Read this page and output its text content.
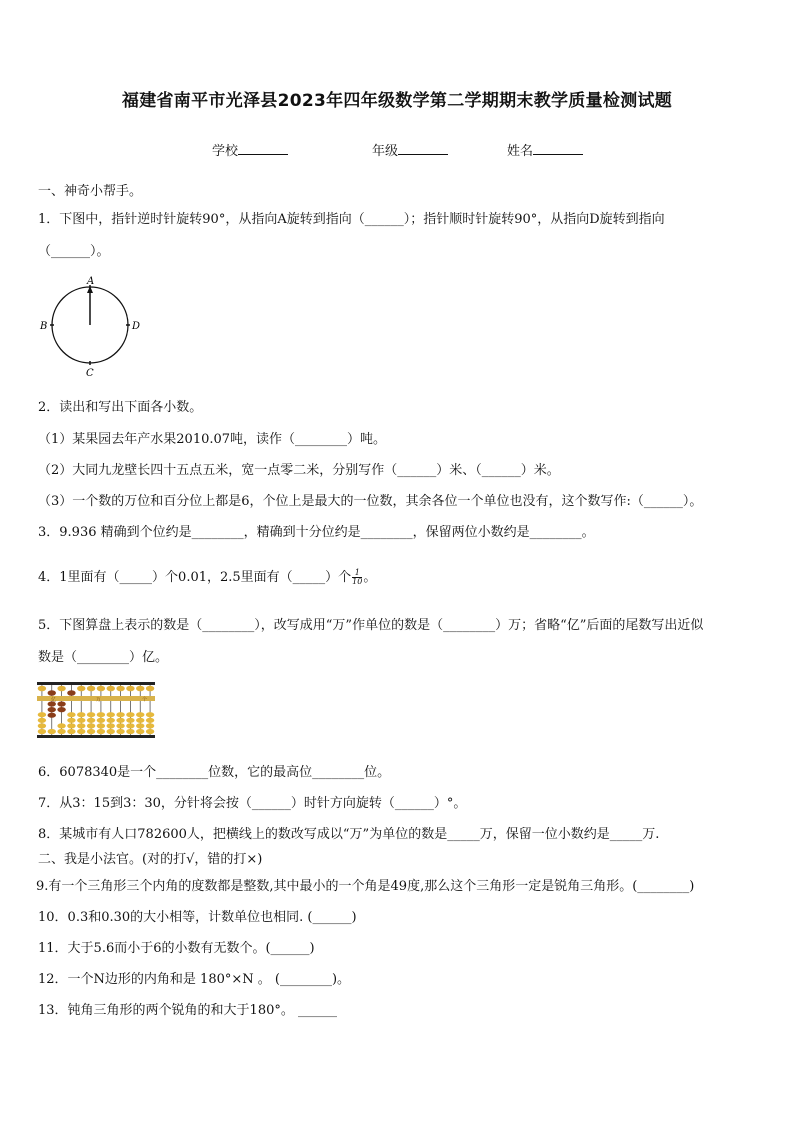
福建省南平市光泽县2023年四年级数学第二学期期末教学质量检测试题
学校	年级	姓名
一、神奇小帮手。
1．下图中，指针逆时针旋转90°，从指向A旋转到指向（______）；指针顺时针旋转90°，从指向D旋转到指向
（______）。
A
B
C
D
2．读出和写出下面各小数。
（1）某果园去年产水果2010.07吨，读作（________）吨。
（2）大同九龙壁长四十五点五米，宽一点零二米，分别写作（______）米、（______）米。
（3）一个数的万位和百分位上都是6，个位上是最大的一位数，其余各位一个单位也没有，这个数写作:（______）。
3．9.936 精确到个位约是________，精确到十分位约是________，保留两位小数约是________。
4．1里面有（_____）个0.01，2.5里面有（_____）个 $\frac{1}{10}$ 。
5．下图算盘上表示的数是（________），改写成用“万”作单位的数是（________）万；省略“亿”后面的尾数写出近似
数是（________）亿。
亿	万	个
6．6078340是一个________位数，它的最高位________位。
7．从3：15到3：30，分针将会按（______）时针方向旋转（______）°。
8．某城市有人口782600人，把横线上的数改写成以“万”为单位的数是_____万，保留一位小数约是_____万.
二、我是小法官。(对的打√，错的打×)
9.有一个三角形三个内角的度数都是整数,其中最小的一个角是49度,那么这个三角形一定是锐角三角形。(________)
10．0.3和0.30的大小相等，计数单位也相同. (______)
11．大于5.6而小于6的小数有无数个。(______)
12．一个N边形的内角和是 180°×N 。 (________)。
13．钝角三角形的两个锐角的和大于180°。 ______
